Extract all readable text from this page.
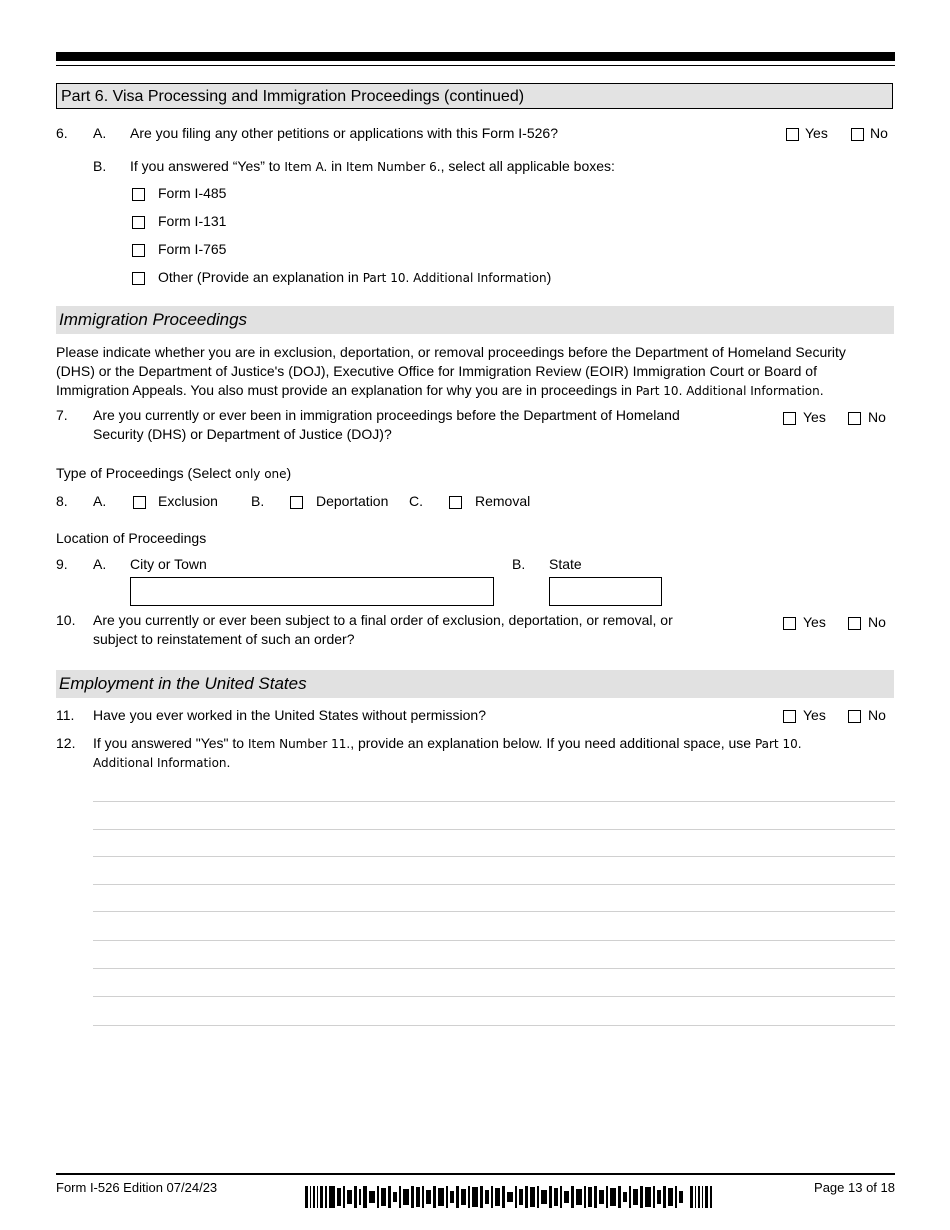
Part 6. Visa Processing and Immigration Proceedings (continued)
6. A. Are you filing any other petitions or applications with this Form I-526?	Yes	No
B. If you answered “Yes” to Item A. in Item Number 6., select all applicable boxes:
Form I-485
Form I-131
Form I-765
Other (Provide an explanation in Part 10. Additional Information)
Immigration Proceedings
Please indicate whether you are in exclusion, deportation, or removal proceedings before the Department of Homeland Security
(DHS) or the Department of Justice's (DOJ), Executive Office for Immigration Review (EOIR) Immigration Court or Board of
Immigration Appeals. You also must provide an explanation for why you are in proceedings in Part 10. Additional Information.
7. Are you currently or ever been in immigration proceedings before the Department of Homeland
Security (DHS) or Department of Justice (DOJ)?
Yes	No
Type of Proceedings (Select only one)
8. A.	Exclusion B.	Deportation C.	Removal
Location of Proceedings
9. A. City or Town	B. State
10. Are you currently or ever been subject to a final order of exclusion, deportation, or removal, or
subject to reinstatement of such an order?
Yes	No
Employment in the United States
11. Have you ever worked in the United States without permission?	Yes	No
12. If you answered "Yes" to Item Number 11., provide an explanation below. If you need additional space, use Part 10.
Additional Information.
Form I-526 Edition 07/24/23	Page 13 of 18
